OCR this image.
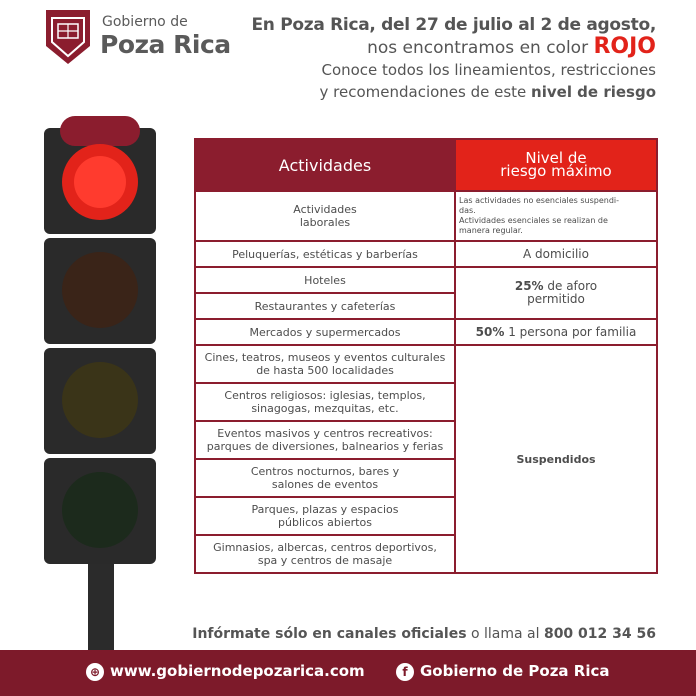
Gobierno de
Poza Rica
En Poza Rica, del 27 de julio al 2 de agosto,
nos encontramos en color ROJO
Conoce todos los lineamientos, restricciones
y recomendaciones de este nivel de riesgo
Actividades	Nivel de
riesgo máximo
Actividades
laborales	Las actividades no esenciales suspendi-
das.
Actividades esenciales se realizan de
manera regular.
Peluquerías, estéticas y barberías	A domicilio
Hoteles	25% de aforo
permitido
Restaurantes y cafeterías	
Mercados y supermercados	50% 1 persona por familia
Cines, teatros, museos y eventos culturales
de hasta 500 localidades	Suspendidos
Centros religiosos: iglesias, templos,
sinagogas, mezquitas, etc.	
Eventos masivos y centros recreativos:
parques de diversiones, balnearios y ferias	
Centros nocturnos, bares y
salones de eventos	
Parques, plazas y espacios
públicos abiertos	
Gimnasios, albercas, centros deportivos,
spa y centros de masaje	
Infórmate sólo en canales oficiales o llama al 800 012 34 56
⊕ www.gobiernodepozarica.com	f Gobierno de Poza Rica
